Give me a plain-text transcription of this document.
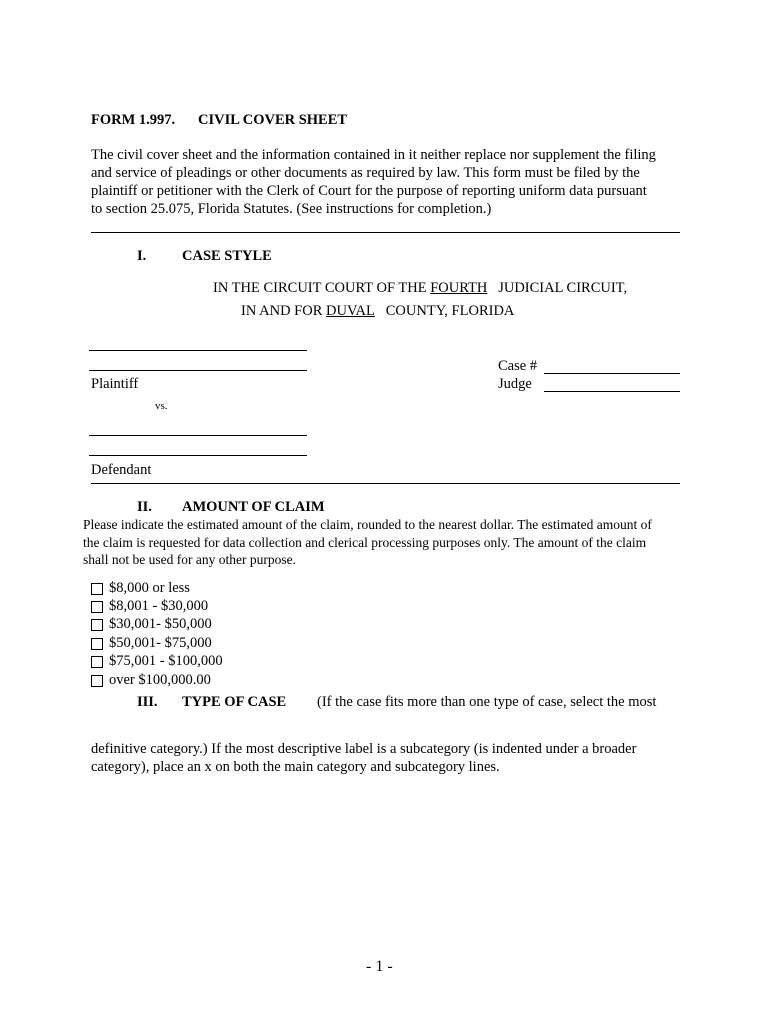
FORM 1.997. CIVIL COVER SHEET
The civil cover sheet and the information contained in it neither replace nor supplement the filing
and service of pleadings or other documents as required by law. This form must be filed by the
plaintiff or petitioner with the Clerk of Court for the purpose of reporting uniform data pursuant
to section 25.075, Florida Statutes. (See instructions for completion.)
I. CASE STYLE
IN THE CIRCUIT COURT OF THE FOURTH JUDICIAL CIRCUIT,
IN AND FOR DUVAL COUNTY, FLORIDA
Plaintiff
vs.
Case #
Judge
Defendant
II. AMOUNT OF CLAIM
Please indicate the estimated amount of the claim, rounded to the nearest dollar. The estimated amount of
the claim is requested for data collection and clerical processing purposes only. The amount of the claim
shall not be used for any other purpose.
$8,000 or less
$8,001 - $30,000
$30,001- $50,000
$50,001- $75,000
$75,001 - $100,000
over $100,000.00
III. TYPE OF CASE (If the case fits more than one type of case, select the most
definitive category.) If the most descriptive label is a subcategory (is indented under a broader
category), place an x on both the main category and subcategory lines.
- 1 -
